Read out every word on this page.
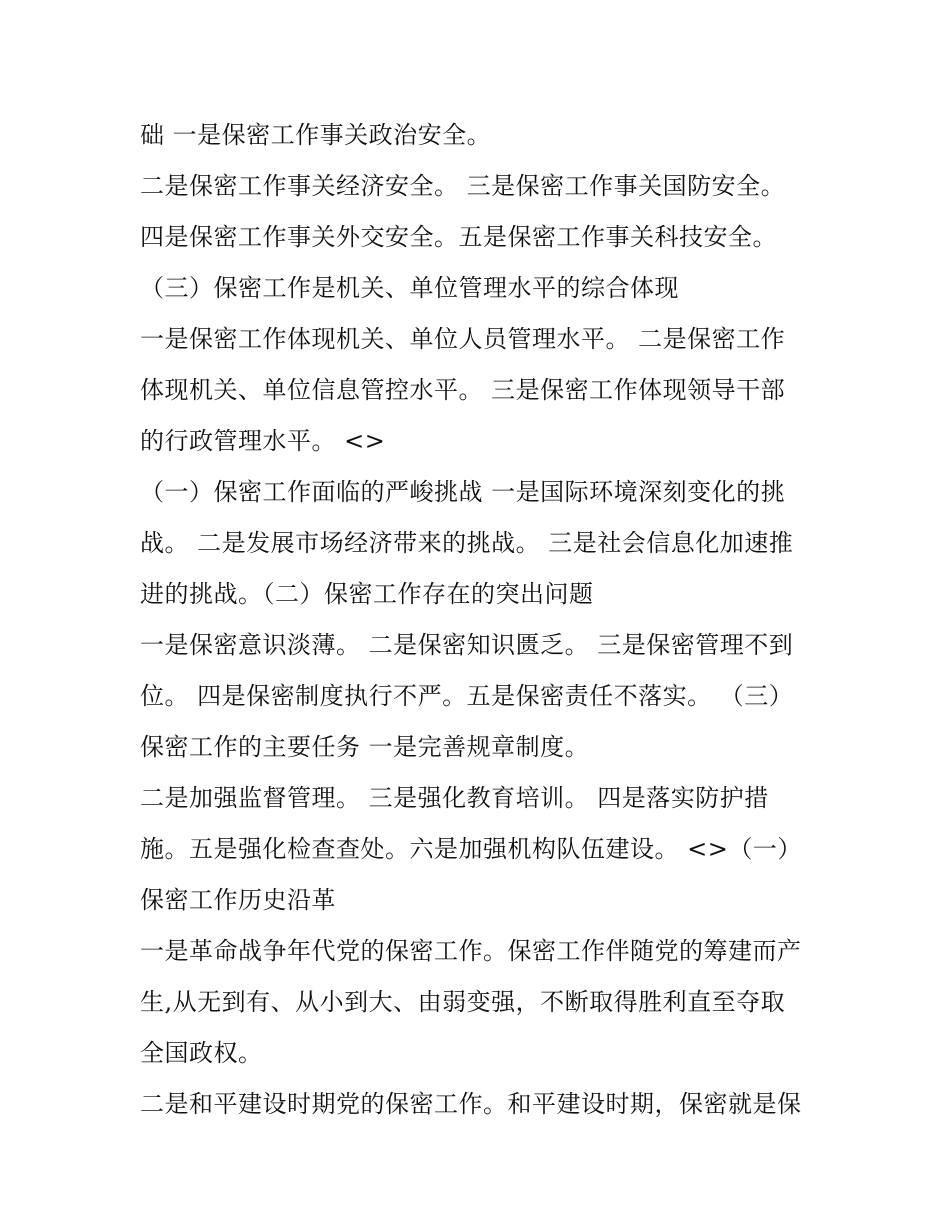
础 一是保密工作事关政治安全。
二是保密工作事关经济安全。 三是保密工作事关国防安全。
四是保密工作事关外交安全。五是保密工作事关科技安全。
（三）保密工作是机关、单位管理水平的综合体现
一是保密工作体现机关、单位人员管理水平。 二是保密工作
体现机关、单位信息管控水平。 三是保密工作体现领导干部
的行政管理水平。 <>
（一）保密工作面临的严峻挑战 一是国际环境深刻变化的挑
战。 二是发展市场经济带来的挑战。 三是社会信息化加速推
进的挑战。（二）保密工作存在的突出问题
一是保密意识淡薄。 二是保密知识匮乏。 三是保密管理不到
位。 四是保密制度执行不严。五是保密责任不落实。 （三）
保密工作的主要任务 一是完善规章制度。
二是加强监督管理。 三是强化教育培训。 四是落实防护措
施。五是强化检查查处。六是加强机构队伍建设。 <>（一）
保密工作历史沿革
一是革命战争年代党的保密工作。保密工作伴随党的筹建而产
生,从无到有、从小到大、由弱变强，不断取得胜利直至夺取
全国政权。
二是和平建设时期党的保密工作。和平建设时期，保密就是保
